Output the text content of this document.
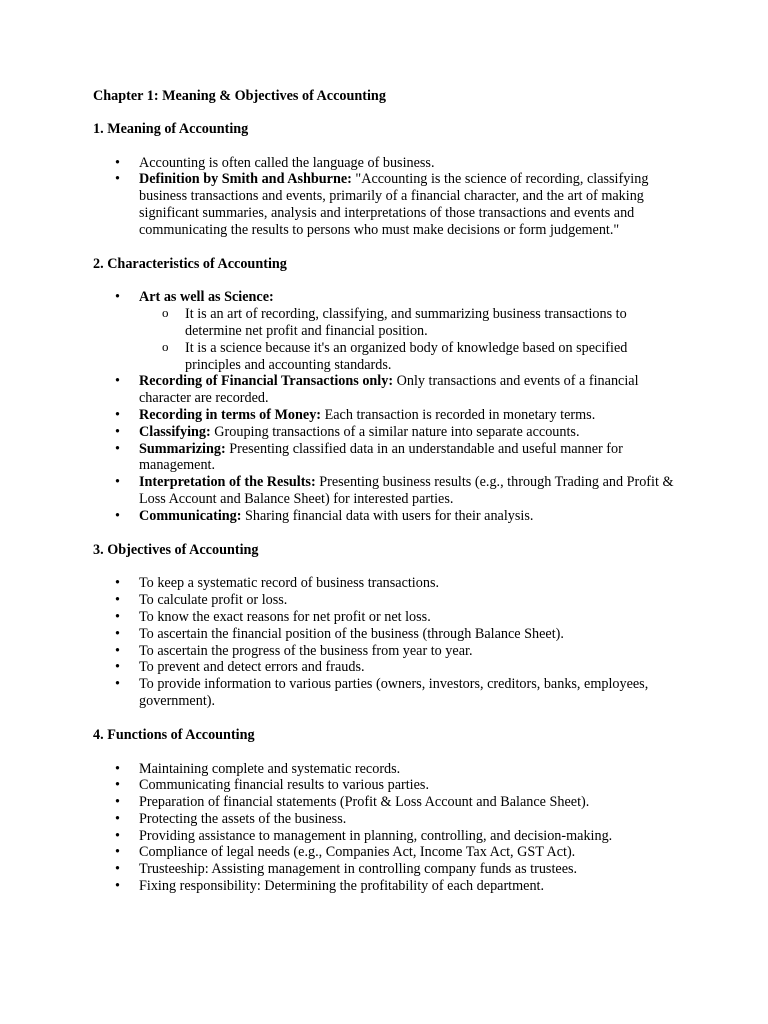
Chapter 1: Meaning & Objectives of Accounting
1. Meaning of Accounting
• Accounting is often called the language of business.
• Definition by Smith and Ashburne: "Accounting is the science of recording, classifying business transactions and events, primarily of a financial character, and the art of making significant summaries, analysis and interpretations of those transactions and events and communicating the results to persons who must make decisions or form judgement."
2. Characteristics of Accounting
• Art as well as Science:
o It is an art of recording, classifying, and summarizing business transactions to determine net profit and financial position.
o It is a science because it's an organized body of knowledge based on specified principles and accounting standards.
• Recording of Financial Transactions only: Only transactions and events of a financial character are recorded.
• Recording in terms of Money: Each transaction is recorded in monetary terms.
• Classifying: Grouping transactions of a similar nature into separate accounts.
• Summarizing: Presenting classified data in an understandable and useful manner for management.
• Interpretation of the Results: Presenting business results (e.g., through Trading and Profit & Loss Account and Balance Sheet) for interested parties.
• Communicating: Sharing financial data with users for their analysis.
3. Objectives of Accounting
• To keep a systematic record of business transactions.
• To calculate profit or loss.
• To know the exact reasons for net profit or net loss.
• To ascertain the financial position of the business (through Balance Sheet).
• To ascertain the progress of the business from year to year.
• To prevent and detect errors and frauds.
• To provide information to various parties (owners, investors, creditors, banks, employees, government).
4. Functions of Accounting
• Maintaining complete and systematic records.
• Communicating financial results to various parties.
• Preparation of financial statements (Profit & Loss Account and Balance Sheet).
• Protecting the assets of the business.
• Providing assistance to management in planning, controlling, and decision-making.
• Compliance of legal needs (e.g., Companies Act, Income Tax Act, GST Act).
• Trusteeship: Assisting management in controlling company funds as trustees.
• Fixing responsibility: Determining the profitability of each department.
